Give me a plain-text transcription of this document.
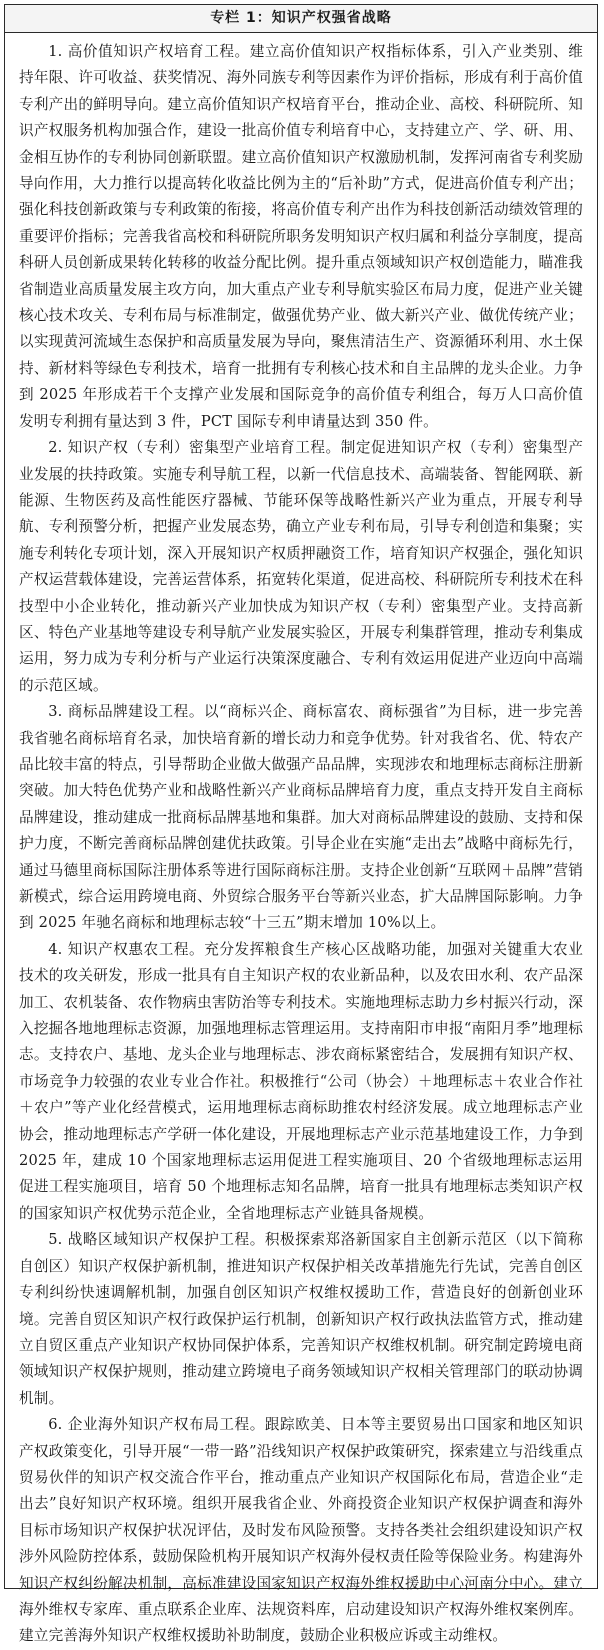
专栏 1：知识产权强省战略

1. 高价值知识产权培育工程。建立高价值知识产权指标体系，引入产业类别、维持年限、许可收益、获奖情况、海外同族专利等因素作为评价指标，形成有利于高价值专利产出的鲜明导向。建立高价值知识产权培育平台，推动企业、高校、科研院所、知识产权服务机构加强合作，建设一批高价值专利培育中心，支持建立产、学、研、用、金相互协作的专利协同创新联盟。建立高价值知识产权激励机制，发挥河南省专利奖励导向作用，大力推行以提高转化收益比例为主的“后补助”方式，促进高价值专利产出；强化科技创新政策与专利政策的衔接，将高价值专利产出作为科技创新活动绩效管理的重要评价指标；完善我省高校和科研院所职务发明知识产权归属和利益分享制度，提高科研人员创新成果转化转移的收益分配比例。提升重点领域知识产权创造能力，瞄准我省制造业高质量发展主攻方向，加大重点产业专利导航实验区布局力度，促进产业关键核心技术攻关、专利布局与标准制定，做强优势产业、做大新兴产业、做优传统产业；以实现黄河流域生态保护和高质量发展为导向，聚焦清洁生产、资源循环利用、水土保持、新材料等绿色专利技术，培育一批拥有专利核心技术和自主品牌的龙头企业。力争到 2025 年形成若干个支撑产业发展和国际竞争的高价值专利组合，每万人口高价值发明专利拥有量达到 3 件，PCT 国际专利申请量达到 350 件。

2. 知识产权（专利）密集型产业培育工程。制定促进知识产权（专利）密集型产业发展的扶持政策。实施专利导航工程，以新一代信息技术、高端装备、智能网联、新能源、生物医药及高性能医疗器械、节能环保等战略性新兴产业为重点，开展专利导航、专利预警分析，把握产业发展态势，确立产业专利布局，引导专利创造和集聚；实施专利转化专项计划，深入开展知识产权质押融资工作，培育知识产权强企，强化知识产权运营载体建设，完善运营体系，拓宽转化渠道，促进高校、科研院所专利技术在科技型中小企业转化，推动新兴产业加快成为知识产权（专利）密集型产业。支持高新区、特色产业基地等建设专利导航产业发展实验区，开展专利集群管理，推动专利集成运用，努力成为专利分析与产业运行决策深度融合、专利有效运用促进产业迈向中高端的示范区域。

3. 商标品牌建设工程。以“商标兴企、商标富农、商标强省”为目标，进一步完善我省驰名商标培育名录，加快培育新的增长动力和竞争优势。针对我省名、优、特农产品比较丰富的特点，引导帮助企业做大做强产品品牌，实现涉农和地理标志商标注册新突破。加大特色优势产业和战略性新兴产业商标品牌培育力度，重点支持开发自主商标品牌建设，推动建成一批商标品牌基地和集群。加大对商标品牌建设的鼓励、支持和保护力度，不断完善商标品牌创建优扶政策。引导企业在实施“走出去”战略中商标先行，通过马德里商标国际注册体系等进行国际商标注册。支持企业创新“互联网＋品牌”营销新模式，综合运用跨境电商、外贸综合服务平台等新兴业态，扩大品牌国际影响。力争到 2025 年驰名商标和地理标志较“十三五”期末增加 10%以上。

4. 知识产权惠农工程。充分发挥粮食生产核心区战略功能，加强对关键重大农业技术的攻关研发，形成一批具有自主知识产权的农业新品种，以及农田水利、农产品深加工、农机装备、农作物病虫害防治等专利技术。实施地理标志助力乡村振兴行动，深入挖掘各地地理标志资源，加强地理标志管理运用。支持南阳市申报“南阳月季”地理标志。支持农户、基地、龙头企业与地理标志、涉农商标紧密结合，发展拥有知识产权、市场竞争力较强的农业专业合作社。积极推行“公司（协会）＋地理标志＋农业合作社＋农户”等产业化经营模式，运用地理标志商标助推农村经济发展。成立地理标志产业协会，推动地理标志产学研一体化建设，开展地理标志产业示范基地建设工作，力争到 2025 年，建成 10 个国家地理标志运用促进工程实施项目、20 个省级地理标志运用促进工程实施项目，培育 50 个地理标志知名品牌，培育一批具有地理标志类知识产权的国家知识产权优势示范企业，全省地理标志产业链具备规模。

5. 战略区域知识产权保护工程。积极探索郑洛新国家自主创新示范区（以下简称自创区）知识产权保护新机制，推进知识产权保护相关改革措施先行先试，完善自创区专利纠纷快速调解机制，加强自创区知识产权维权援助工作，营造良好的创新创业环境。完善自贸区知识产权行政保护运行机制，创新知识产权行政执法监管方式，推动建立自贸区重点产业知识产权协同保护体系，完善知识产权维权机制。研究制定跨境电商领域知识产权保护规则，推动建立跨境电子商务领域知识产权相关管理部门的联动协调机制。

6. 企业海外知识产权布局工程。跟踪欧美、日本等主要贸易出口国家和地区知识产权政策变化，引导开展“一带一路”沿线知识产权保护政策研究，探索建立与沿线重点贸易伙伴的知识产权交流合作平台，推动重点产业知识产权国际化布局，营造企业“走出去”良好知识产权环境。组织开展我省企业、外商投资企业知识产权保护调查和海外目标市场知识产权保护状况评估，及时发布风险预警。支持各类社会组织建设知识产权涉外风险防控体系，鼓励保险机构开展知识产权海外侵权责任险等保险业务。构建海外知识产权纠纷解决机制，高标准建设国家知识产权海外维权援助中心河南分中心。建立海外维权专家库、重点联系企业库、法规资料库，启动建设知识产权海外维权案例库。建立完善海外知识产权维权援助补助制度，鼓励企业积极应诉或主动维权。
